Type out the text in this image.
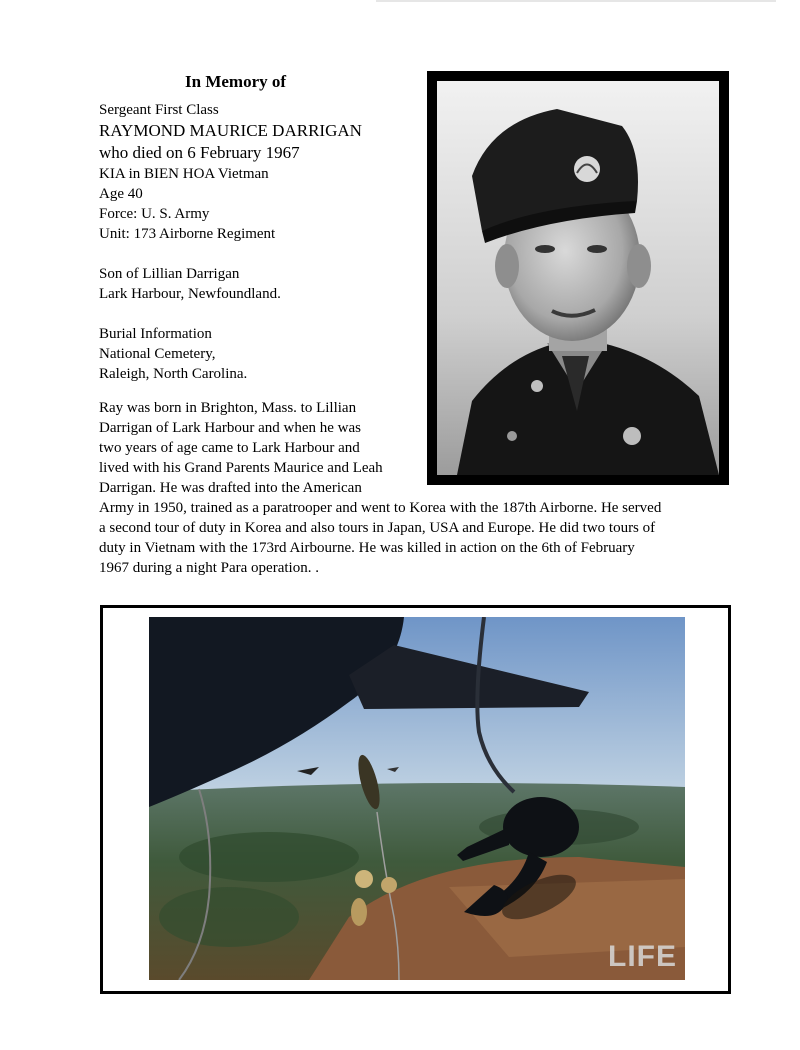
In Memory of
Sergeant First Class
RAYMOND MAURICE DARRIGAN
who died on 6 February 1967
KIA in BIEN HOA Vietman
Age 40
Force: U. S. Army
Unit: 173 Airborne Regiment
Son of Lillian Darrigan
Lark Harbour, Newfoundland.
Burial Information
National Cemetery,
Raleigh, North Carolina.
Ray was born in Brighton, Mass. to Lillian
Darrigan of Lark Harbour and when he was
two years of age came to Lark Harbour and
lived with his Grand Parents Maurice and Leah
Darrigan. He was drafted into the American
Army in 1950, trained as a paratrooper and went to Korea with the 187th Airborne. He served
a second tour of duty in Korea and also tours in Japan, USA and Europe. He did two tours of
duty in Vietnam with the 173rd Airbourne. He was killed in action on the 6th of February
1967 during a night Para operation. .
LIFE
